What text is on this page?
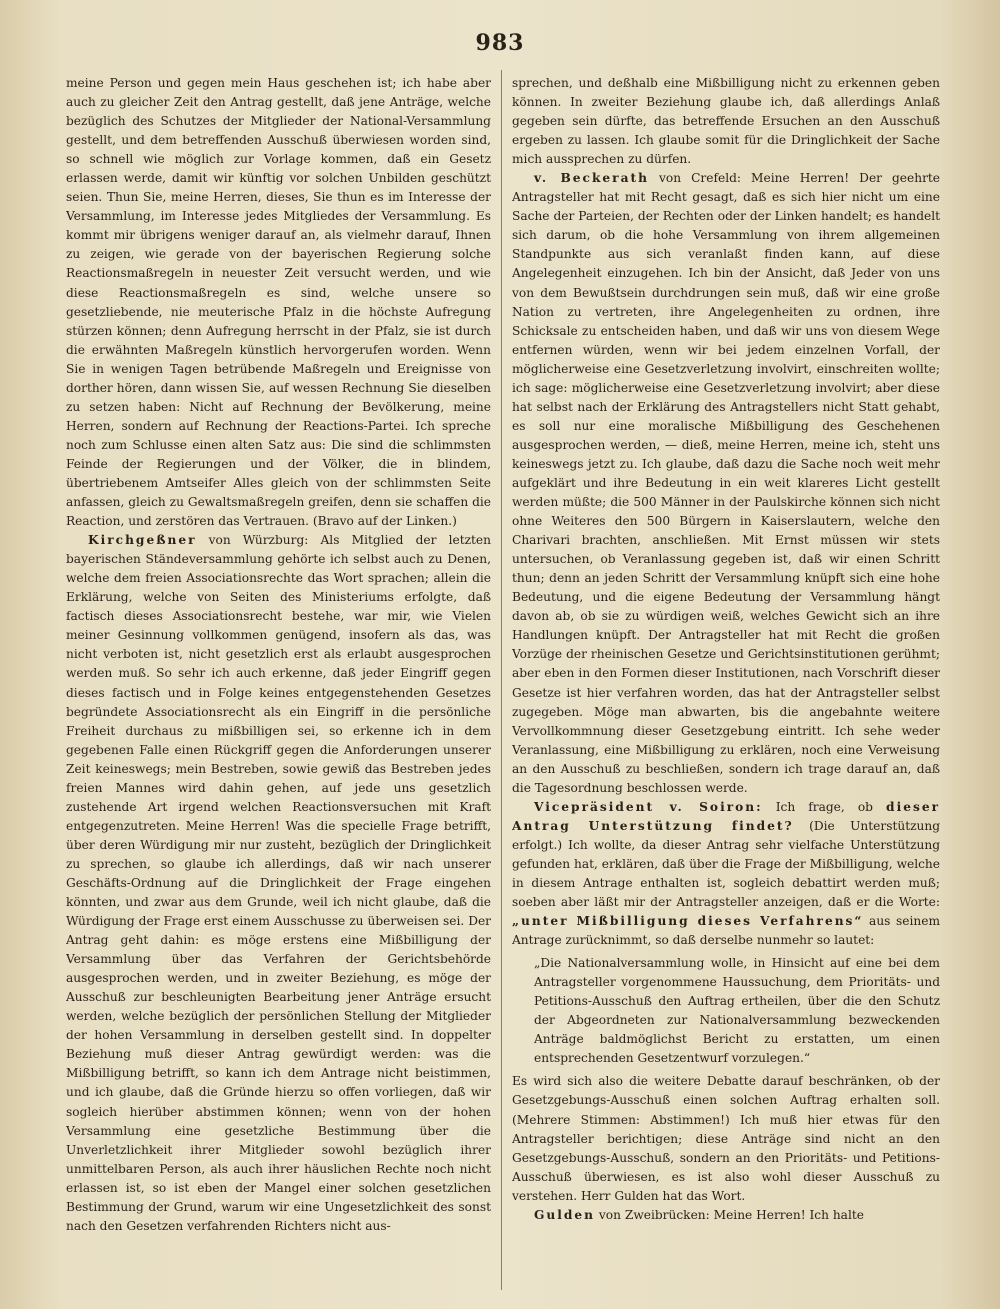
983

meine Person und gegen mein Haus geschehen ist; ich habe aber auch zu gleicher Zeit den Antrag gestellt, daß jene Anträge, welche bezüglich des Schutzes der Mitglieder der National-Versammlung gestellt, und dem betreffenden Ausschuß überwiesen worden sind, so schnell wie möglich zur Vorlage kommen, daß ein Gesetz erlassen werde, damit wir künftig vor solchen Unbilden geschützt seien. Thun Sie, meine Herren, dieses, Sie thun es im Interesse der Versammlung, im Interesse jedes Mitgliedes der Versammlung. Es kommt mir übrigens weniger darauf an, als vielmehr darauf, Ihnen zu zeigen, wie gerade von der bayerischen Regierung solche Reactionsmaßregeln in neuester Zeit versucht werden, und wie diese Reactionsmaßregeln es sind, welche unsere so gesetzliebende, nie meuterische Pfalz in die höchste Aufregung stürzen können; denn Aufregung herrscht in der Pfalz, sie ist durch die erwähnten Maßregeln künstlich hervorgerufen worden. Wenn Sie in wenigen Tagen betrübende Maßregeln und Ereignisse von dorther hören, dann wissen Sie, auf wessen Rechnung Sie dieselben zu setzen haben: Nicht auf Rechnung der Bevölkerung, meine Herren, sondern auf Rechnung der Reactions-Partei. Ich spreche noch zum Schlusse einen alten Satz aus: Die sind die schlimmsten Feinde der Regierungen und der Völker, die in blindem, übertriebenem Amtseifer Alles gleich von der schlimmsten Seite anfassen, gleich zu Gewaltsmaßregeln greifen, denn sie schaffen die Reaction, und zerstören das Vertrauen. (Bravo auf der Linken.)

Kirchgeßner von Würzburg: Als Mitglied der letzten bayerischen Ständeversammlung gehörte ich selbst auch zu Denen, welche dem freien Associationsrechte das Wort sprachen; allein die Erklärung, welche von Seiten des Ministeriums erfolgte, daß factisch dieses Associationsrecht bestehe, war mir, wie Vielen meiner Gesinnung vollkommen genügend, insofern als das, was nicht verboten ist, nicht gesetzlich erst als erlaubt ausgesprochen werden muß. So sehr ich auch erkenne, daß jeder Eingriff gegen dieses factisch und in Folge keines entgegenstehenden Gesetzes begründete Associationsrecht als ein Eingriff in die persönliche Freiheit durchaus zu mißbilligen sei, so erkenne ich in dem gegebenen Falle einen Rückgriff gegen die Anforderungen unserer Zeit keineswegs; mein Bestreben, sowie gewiß das Bestreben jedes freien Mannes wird dahin gehen, auf jede uns gesetzlich zustehende Art irgend welchen Reactionsversuchen mit Kraft entgegenzutreten. Meine Herren! Was die specielle Frage betrifft, über deren Würdigung mir nur zusteht, bezüglich der Dringlichkeit zu sprechen, so glaube ich allerdings, daß wir nach unserer Geschäfts-Ordnung auf die Dringlichkeit der Frage eingehen könnten, und zwar aus dem Grunde, weil ich nicht glaube, daß die Würdigung der Frage erst einem Ausschusse zu überweisen sei. Der Antrag geht dahin: es möge erstens eine Mißbilligung der Versammlung über das Verfahren der Gerichtsbehörde ausgesprochen werden, und in zweiter Beziehung, es möge der Ausschuß zur beschleunigten Bearbeitung jener Anträge ersucht werden, welche bezüglich der persönlichen Stellung der Mitglieder der hohen Versammlung in derselben gestellt sind. In doppelter Beziehung muß dieser Antrag gewürdigt werden: was die Mißbilligung betrifft, so kann ich dem Antrage nicht beistimmen, und ich glaube, daß die Gründe hierzu so offen vorliegen, daß wir sogleich hierüber abstimmen können; wenn von der hohen Versammlung eine gesetzliche Bestimmung über die Unverletzlichkeit ihrer Mitglieder sowohl bezüglich ihrer unmittelbaren Person, als auch ihrer häuslichen Rechte noch nicht erlassen ist, so ist eben der Mangel einer solchen gesetzlichen Bestimmung der Grund, warum wir eine Ungesetzlichkeit des sonst nach den Gesetzen verfahrenden Richters nicht aus-

sprechen, und deßhalb eine Mißbilligung nicht zu erkennen geben können. In zweiter Beziehung glaube ich, daß allerdings Anlaß gegeben sein dürfte, das betreffende Ersuchen an den Ausschuß ergeben zu lassen. Ich glaube somit für die Dringlichkeit der Sache mich aussprechen zu dürfen.

v. Beckerath von Crefeld: Meine Herren! Der geehrte Antragsteller hat mit Recht gesagt, daß es sich hier nicht um eine Sache der Parteien, der Rechten oder der Linken handelt; es handelt sich darum, ob die hohe Versammlung von ihrem allgemeinen Standpunkte aus sich veranlaßt finden kann, auf diese Angelegenheit einzugehen. Ich bin der Ansicht, daß Jeder von uns von dem Bewußtsein durchdrungen sein muß, daß wir eine große Nation zu vertreten, ihre Angelegenheiten zu ordnen, ihre Schicksale zu entscheiden haben, und daß wir uns von diesem Wege entfernen würden, wenn wir bei jedem einzelnen Vorfall, der möglicherweise eine Gesetzverletzung involvirt, einschreiten wollte; ich sage: möglicherweise eine Gesetzverletzung involvirt; aber diese hat selbst nach der Erklärung des Antragstellers nicht Statt gehabt, es soll nur eine moralische Mißbilligung des Geschehenen ausgesprochen werden, — dieß, meine Herren, meine ich, steht uns keineswegs jetzt zu. Ich glaube, daß dazu die Sache noch weit mehr aufgeklärt und ihre Bedeutung in ein weit klareres Licht gestellt werden müßte; die 500 Männer in der Paulskirche können sich nicht ohne Weiteres den 500 Bürgern in Kaiserslautern, welche den Charivari brachten, anschließen. Mit Ernst müssen wir stets untersuchen, ob Veranlassung gegeben ist, daß wir einen Schritt thun; denn an jeden Schritt der Versammlung knüpft sich eine hohe Bedeutung, und die eigene Bedeutung der Versammlung hängt davon ab, ob sie zu würdigen weiß, welches Gewicht sich an ihre Handlungen knüpft. Der Antragsteller hat mit Recht die großen Vorzüge der rheinischen Gesetze und Gerichtsinstitutionen gerühmt; aber eben in den Formen dieser Institutionen, nach Vorschrift dieser Gesetze ist hier verfahren worden, das hat der Antragsteller selbst zugegeben. Möge man abwarten, bis die angebahnte weitere Vervollkommnung dieser Gesetzgebung eintritt. Ich sehe weder Veranlassung, eine Mißbilligung zu erklären, noch eine Verweisung an den Ausschuß zu beschließen, sondern ich trage darauf an, daß die Tagesordnung beschlossen werde.

Vicepräsident v. Soiron: Ich frage, ob dieser Antrag Unterstützung findet? (Die Unterstützung erfolgt.) Ich wollte, da dieser Antrag sehr vielfache Unterstützung gefunden hat, erklären, daß über die Frage der Mißbilligung, welche in diesem Antrage enthalten ist, sogleich debattirt werden muß; soeben aber läßt mir der Antragsteller anzeigen, daß er die Worte: „unter Mißbilligung dieses Verfahrens“ aus seinem Antrage zurücknimmt, so daß derselbe nunmehr so lautet:

„Die Nationalversammlung wolle, in Hinsicht auf eine bei dem Antragsteller vorgenommene Haussuchung, dem Prioritäts- und Petitions-Ausschuß den Auftrag ertheilen, über die den Schutz der Abgeordneten zur Nationalversammlung bezweckenden Anträge baldmöglichst Bericht zu erstatten, um einen entsprechenden Gesetzentwurf vorzulegen.“

Es wird sich also die weitere Debatte darauf beschränken, ob der Gesetzgebungs-Ausschuß einen solchen Auftrag erhalten soll. (Mehrere Stimmen: Abstimmen!) Ich muß hier etwas für den Antragsteller berichtigen; diese Anträge sind nicht an den Gesetzgebungs-Ausschuß, sondern an den Prioritäts- und Petitions-Ausschuß überwiesen, es ist also wohl dieser Ausschuß zu verstehen. Herr Gulden hat das Wort.

Gulden von Zweibrücken: Meine Herren! Ich halte
